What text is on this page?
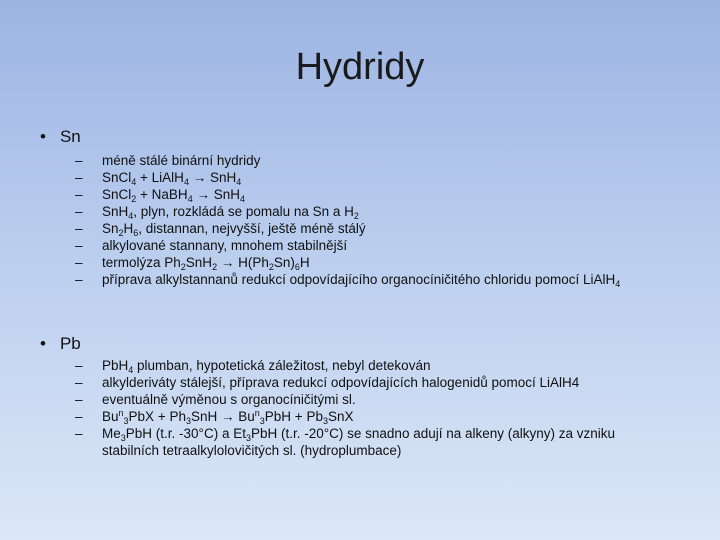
Hydridy
• Sn
– méně stálé binární hydridy
– SnCl$_4$ + LiAlH$_4$ → SnH$_4$
– SnCl$_2$ + NaBH$_4$ → SnH$_4$
– SnH$_4$, plyn, rozkládá se pomalu na Sn a $H_2$
– $Sn_2H_6$, distannan, nejvyšší, ještě méně stálý
– alkylované stannany, mnohem stabilnější
– termolýza $Ph_2SnH_2 \to H(Ph_2Sn)_6H$
– příprava alkylstannanů redukcí odpovídajícího organocíničitého chloridu pomocí LiAlH$_4$
• Pb
– PbH$_4$ plumban, hypotetická záležitost, nebyl detekován
– alkylderiváty stálejší, příprava redukcí odpovídajících halogenidů pomocí LiAlH4
– eventuálně výměnou s organocíničitými sl.
– $Bu^n_3PbX + Ph_3SnH \to Bu^n_3PbH + Pb_3SnX$
– $Me_3PbH$ (t.r. -30°C) a $Et_3PbH$ (t.r. -20°C) se snadno adují na alkeny (alkyny) za vzniku stabilních tetraalkylolovičitých sl. (hydroplumbace)
